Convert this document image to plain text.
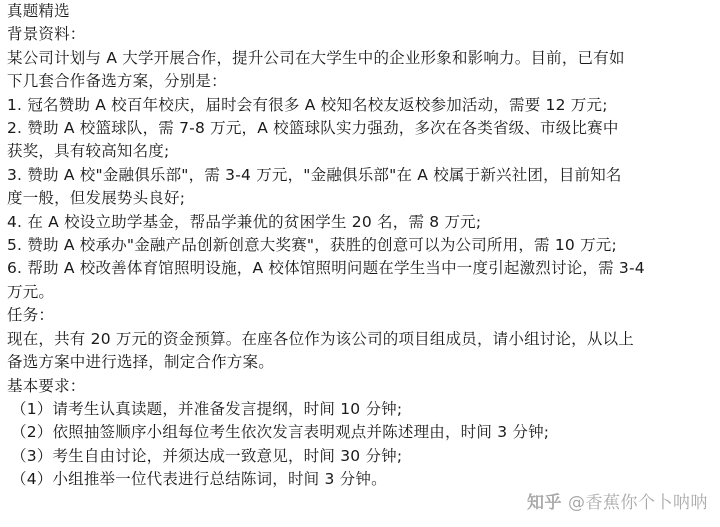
真题精选
背景资料：
某公司计划与 A 大学开展合作，提升公司在大学生中的企业形象和影响力。目前，已有如
下几套合作备选方案，分别是：
1. 冠名赞助 A 校百年校庆，届时会有很多 A 校知名校友返校参加活动，需要 12 万元;
2. 赞助 A 校篮球队，需 7-8 万元，A 校篮球队实力强劲，多次在各类省级、市级比赛中
获奖，具有较高知名度;
3. 赞助 A 校"金融俱乐部"，需 3-4 万元，"金融俱乐部"在 A 校属于新兴社团，目前知名
度一般，但发展势头良好;
4. 在 A 校设立助学基金，帮品学兼优的贫困学生 20 名，需 8 万元;
5. 赞助 A 校承办"金融产品创新创意大奖赛"，获胜的创意可以为公司所用，需 10 万元;
6. 帮助 A 校改善体育馆照明设施，A 校体馆照明问题在学生当中一度引起激烈讨论，需 3-4
万元。
任务：
现在，共有 20 万元的资金预算。在座各位作为该公司的项目组成员，请小组讨论，从以上
备选方案中进行选择，制定合作方案。
基本要求：
（1）请考生认真读题，并准备发言提纲，时间 10 分钟;
（2）依照抽签顺序小组每位考生依次发言表明观点并陈述理由，时间 3 分钟;
（3）考生自由讨论，并须达成一致意见，时间 30 分钟;
（4）小组推举一位代表进行总结陈词，时间 3 分钟。
知乎 @香蕉你个卜呐呐
